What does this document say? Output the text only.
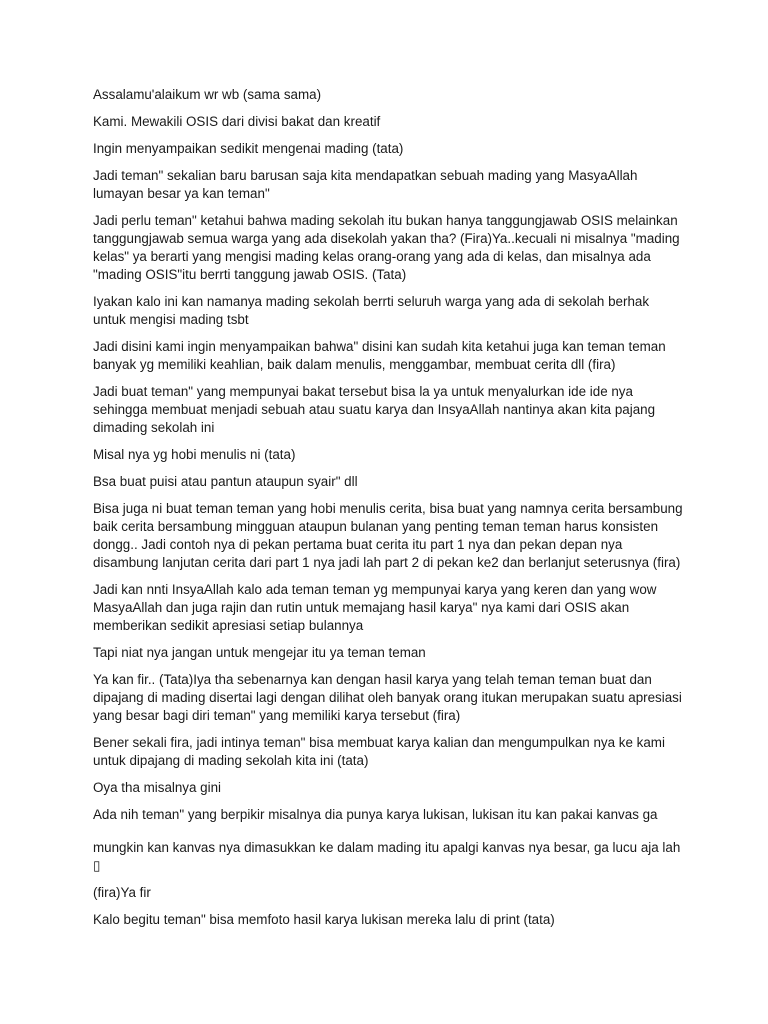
Assalamu'alaikum wr wb (sama sama)

Kami. Mewakili OSIS dari divisi bakat dan kreatif

Ingin menyampaikan sedikit mengenai mading (tata)

Jadi teman" sekalian baru barusan saja kita mendapatkan sebuah mading yang MasyaAllah lumayan besar ya kan teman"

Jadi perlu teman" ketahui bahwa mading sekolah itu bukan hanya tanggungjawab OSIS melainkan tanggungjawab semua warga yang ada disekolah yakan tha? (Fira)Ya..kecuali ni misalnya "mading kelas" ya berarti yang mengisi mading kelas orang-orang yang ada di kelas, dan misalnya ada "mading OSIS"itu berrti tanggung jawab OSIS. (Tata)

Iyakan kalo ini kan namanya mading sekolah berrti seluruh warga yang ada di sekolah berhak untuk mengisi mading tsbt

Jadi disini kami ingin menyampaikan bahwa" disini kan sudah kita ketahui juga kan teman teman banyak yg memiliki keahlian, baik dalam menulis, menggambar, membuat cerita dll (fira)

Jadi buat teman" yang mempunyai bakat tersebut bisa la ya untuk menyalurkan ide ide nya sehingga membuat menjadi sebuah atau suatu karya dan InsyaAllah nantinya akan kita pajang dimading sekolah ini

Misal nya yg hobi menulis ni (tata)

Bsa buat puisi atau pantun ataupun syair" dll

Bisa juga ni buat teman teman yang hobi menulis cerita, bisa buat yang namnya cerita bersambung baik cerita bersambung mingguan ataupun bulanan yang penting teman teman harus konsisten dongg.. Jadi contoh nya di pekan pertama buat cerita itu part 1 nya dan pekan depan nya disambung lanjutan cerita dari part 1 nya jadi lah part 2 di pekan ke2 dan berlanjut seterusnya (fira)

Jadi kan nnti InsyaAllah kalo ada teman teman yg mempunyai karya yang keren dan yang wow MasyaAllah dan juga rajin dan rutin untuk memajang hasil karya" nya kami dari OSIS akan memberikan sedikit apresiasi setiap bulannya

Tapi niat nya jangan untuk mengejar itu ya teman teman

Ya kan fir.. (Tata)Iya tha sebenarnya kan dengan hasil karya yang telah teman teman buat dan dipajang di mading disertai lagi dengan dilihat oleh banyak orang itukan merupakan suatu apresiasi yang besar bagi diri teman" yang memiliki karya tersebut (fira)

Bener sekali fira, jadi intinya teman" bisa membuat karya kalian dan mengumpulkan nya ke kami untuk dipajang di mading sekolah kita ini (tata)

Oya tha misalnya gini

Ada nih teman" yang berpikir misalnya dia punya karya lukisan, lukisan itu kan pakai kanvas ga

mungkin kan kanvas nya dimasukkan ke dalam mading itu apalgi kanvas nya besar, ga lucu aja lah ▯

(fira)Ya fir

Kalo begitu teman" bisa memfoto hasil karya lukisan mereka lalu di print (tata)
